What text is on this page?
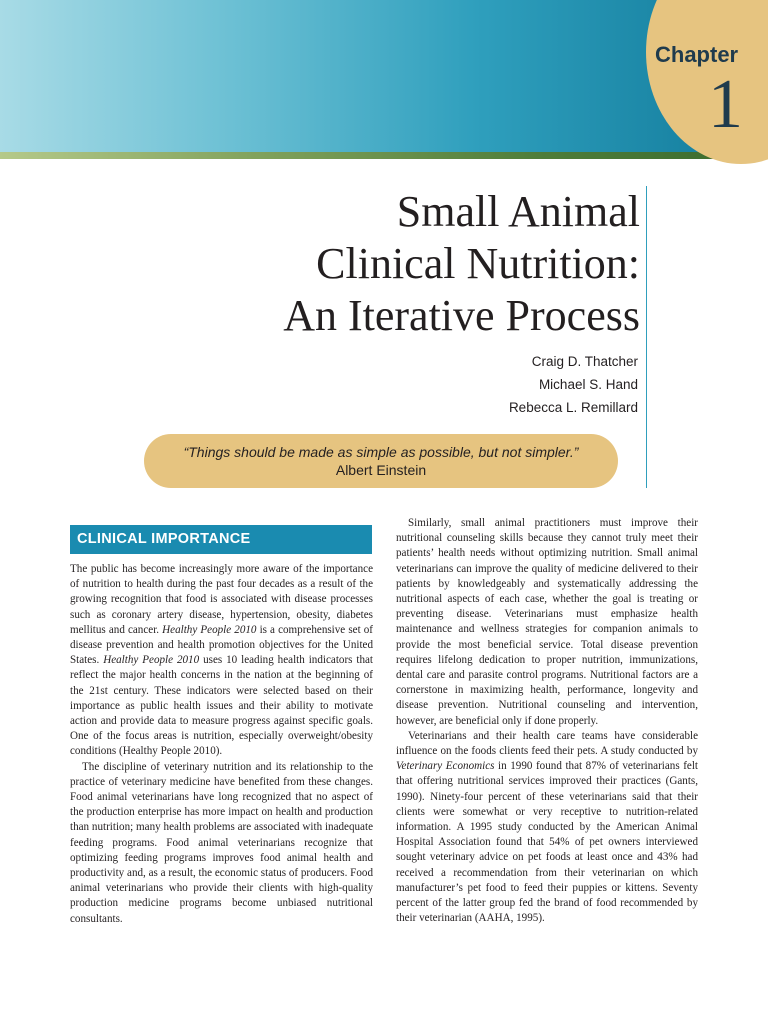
Chapter
1
Small Animal
Clinical Nutrition:
An Iterative Process
Craig D. Thatcher
Michael S. Hand
Rebecca L. Remillard
“Things should be made as simple as possible, but not simpler.”
Albert Einstein
CLINICAL IMPORTANCE

The public has become increasingly more aware of the importance of nutrition to health during the past four decades as a result of the growing recognition that food is associated with disease processes such as coronary artery disease, hypertension, obesity, diabetes mellitus and cancer. Healthy People 2010 is a comprehensive set of disease prevention and health promotion objectives for the United States. Healthy People 2010 uses 10 leading health indicators that reflect the major health concerns in the nation at the beginning of the 21st century. These indicators were selected based on their importance as public health issues and their ability to motivate action and provide data to measure progress against specific goals. One of the focus areas is nutrition, especially overweight/obesity conditions (Healthy People 2010).

The discipline of veterinary nutrition and its relationship to the practice of veterinary medicine have benefited from these changes. Food animal veterinarians have long recognized that no aspect of the production enterprise has more impact on health and production than nutrition; many health problems are associated with inadequate feeding programs. Food animal veterinarians recognize that optimizing feeding programs improves food animal health and productivity and, as a result, the economic status of producers. Food animal veterinarians who provide their clients with high-quality production medicine programs become unbiased nutritional consultants.

Similarly, small animal practitioners must improve their nutritional counseling skills because they cannot truly meet their patients’ health needs without optimizing nutrition. Small animal veterinarians can improve the quality of medicine delivered to their patients by knowledgeably and systematically addressing the nutritional aspects of each case, whether the goal is treating or preventing disease. Veterinarians must emphasize health maintenance and wellness strategies for companion animals to provide the most beneficial service. Total disease prevention requires lifelong dedication to proper nutrition, immunizations, dental care and parasite control programs. Nutritional factors are a cornerstone in maximizing health, performance, longevity and disease prevention. Nutritional counseling and intervention, however, are beneficial only if done properly.

Veterinarians and their health care teams have considerable influence on the foods clients feed their pets. A study conducted by Veterinary Economics in 1990 found that 87% of veterinarians felt that offering nutritional services improved their practices (Gants, 1990). Ninety-four percent of these veterinarians said that their clients were somewhat or very receptive to nutrition-related information. A 1995 study conducted by the American Animal Hospital Association found that 54% of pet owners interviewed sought veterinary advice on pet foods at least once and 43% had received a recommendation from their veterinarian on which manufacturer’s pet food to feed their puppies or kittens. Seventy percent of the latter group fed the brand of food recommended by their veterinarian (AAHA, 1995).
